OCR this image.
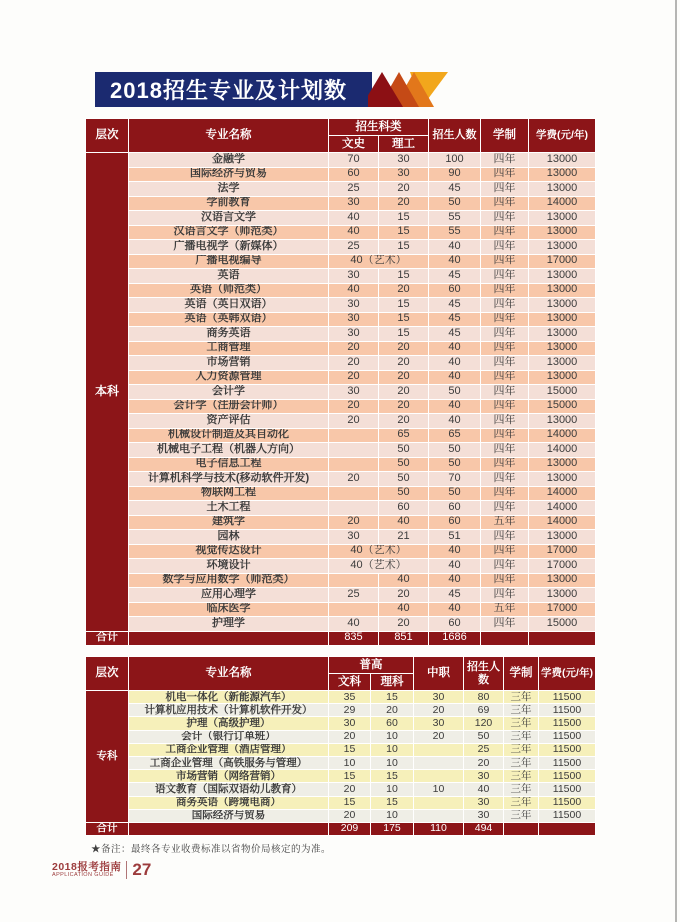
2018招生专业及计划数
层次	专业名称	招生科类		招生人数	学制	学费(元/年)
		文史	理工			
本科	金融学	70	30	100	四年	13000
	国际经济与贸易	60	30	90	四年	13000
	法学	25	20	45	四年	13000
	学前教育	30	20	50	四年	14000
	汉语言文学	40	15	55	四年	13000
	汉语言文学（师范类）	40	15	55	四年	13000
	广播电视学（新媒体）	25	15	40	四年	13000
	广播电视编导	40（艺术）		40	四年	17000
	英语	30	15	45	四年	13000
	英语（师范类）	40	20	60	四年	13000
	英语（英日双语）	30	15	45	四年	13000
	英语（英韩双语）	30	15	45	四年	13000
	商务英语	30	15	45	四年	13000
	工商管理	20	20	40	四年	13000
	市场营销	20	20	40	四年	13000
	人力资源管理	20	20	40	四年	13000
	会计学	30	20	50	四年	15000
	会计学（注册会计师）	20	20	40	四年	15000
	资产评估	20	20	40	四年	13000
	机械设计制造及其自动化		65	65	四年	14000
	机械电子工程（机器人方向）		50	50	四年	14000
	电子信息工程		50	50	四年	13000
	计算机科学与技术(移动软件开发)	20	50	70	四年	13000
	物联网工程		50	50	四年	14000
	土木工程		60	60	四年	14000
	建筑学	20	40	60	五年	14000
	园林	30	21	51	四年	13000
	视觉传达设计	40（艺术）		40	四年	17000
	环境设计	40（艺术）		40	四年	17000
	数学与应用数学（师范类）		40	40	四年	13000
	应用心理学	25	20	45	四年	13000
	临床医学		40	40	五年	17000
	护理学	40	20	60	四年	15000
合计		835	851	1686		
层次	专业名称	普高		中职	招生人数	学制	学费(元/年)
		文科	理科				
专科	机电一体化（新能源汽车）	35	15	30	80	三年	11500
	计算机应用技术（计算机软件开发）	29	20	20	69	三年	11500
	护理（高级护理）	30	60	30	120	三年	11500
	会计（银行订单班）	20	10	20	50	三年	11500
	工商企业管理（酒店管理）	15	10		25	三年	11500
	工商企业管理（高铁服务与管理）	10	10		20	三年	11500
	市场营销（网络营销）	15	15		30	三年	11500
	语文教育（国际双语幼儿教育）	20	10	10	40	三年	11500
	商务英语（跨境电商）	15	15		30	三年	11500
	国际经济与贸易	20	10		30	三年	11500
合计		209	175	110	494		
★备注：最终各专业收费标准以省物价局核定的为准。
2018报考指南
APPLICATION GUIDE	27
